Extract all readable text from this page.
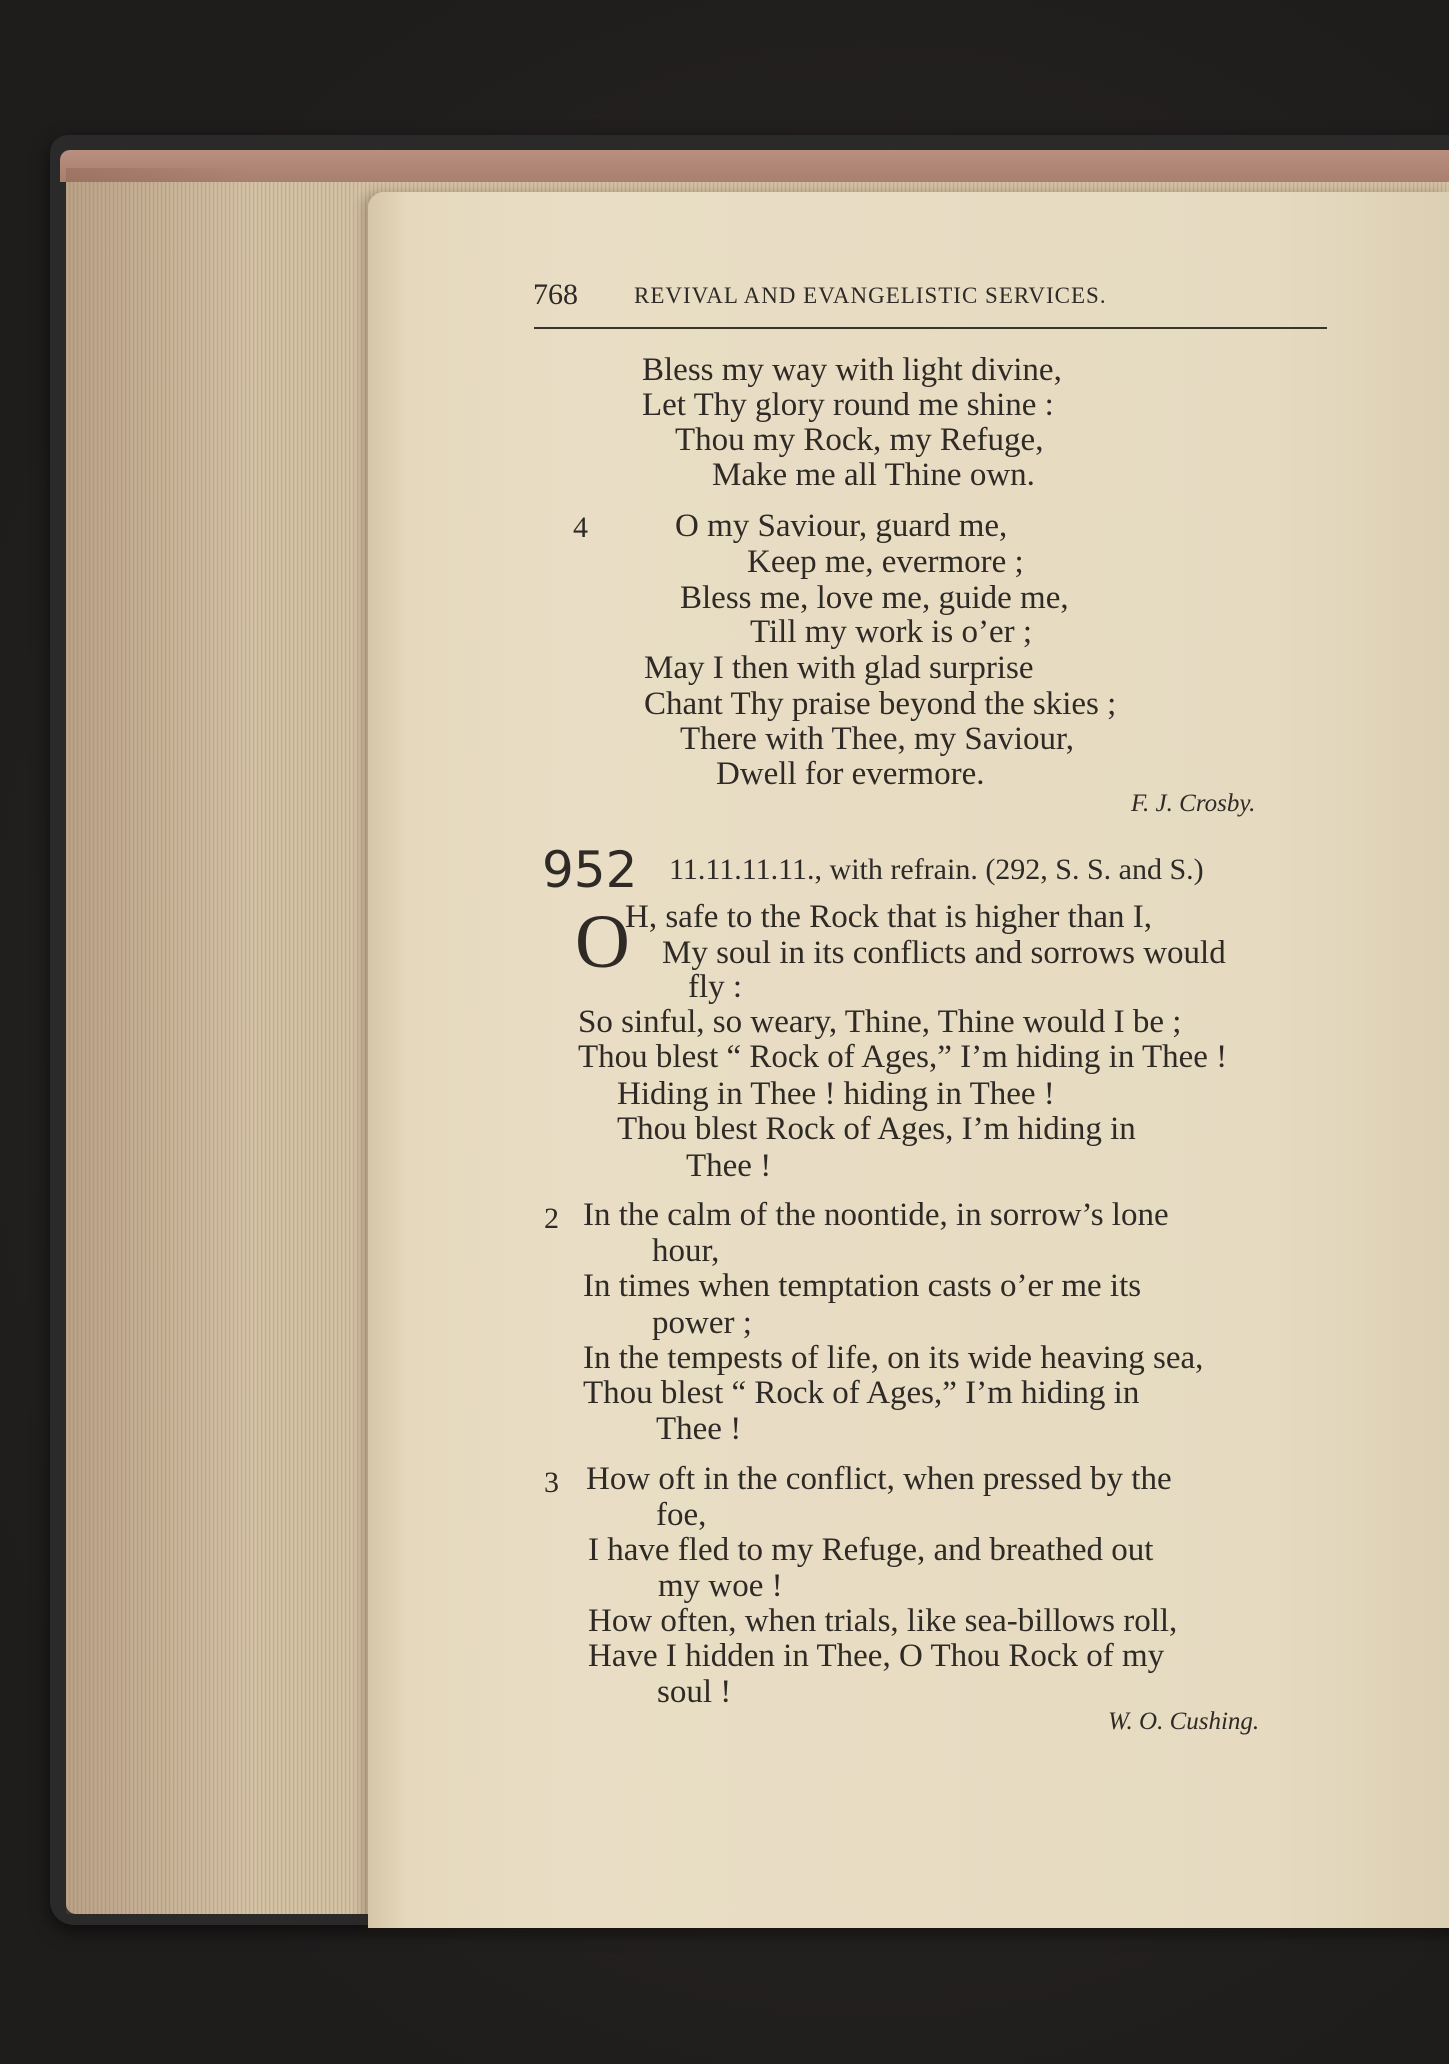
768 REVIVAL AND EVANGELISTIC SERVICES.
Bless my way with light divine,
Let Thy glory round me shine :
Thou my Rock, my Refuge,
Make me all Thine own.
4	O my Saviour, guard me,
Keep me, evermore ;
Bless me, love me, guide me,
Till my work is o’er ;
May I then with glad surprise
Chant Thy praise beyond the skies ;
There with Thee, my Saviour,
Dwell for evermore.
F. J. Crosby.
952 11.11.11.11., with refrain. (292, S. S. and S.)
O
H, safe to the Rock that is higher than I,
My soul in its conflicts and sorrows would
fly :
So sinful, so weary, Thine, Thine would I be ;
Thou blest “ Rock of Ages,” I’m hiding in Thee !
Hiding in Thee ! hiding in Thee !
Thou blest Rock of Ages, I’m hiding in
Thee !
2 In the calm of the noontide, in sorrow’s lone
hour,
In times when temptation casts o’er me its
power ;
In the tempests of life, on its wide heaving sea,
Thou blest “ Rock of Ages,” I’m hiding in
Thee !
3 How oft in the conflict, when pressed by the
foe,
I have fled to my Refuge, and breathed out
my woe !
How often, when trials, like sea-billows roll,
Have I hidden in Thee, O Thou Rock of my
soul !
W. O. Cushing.
